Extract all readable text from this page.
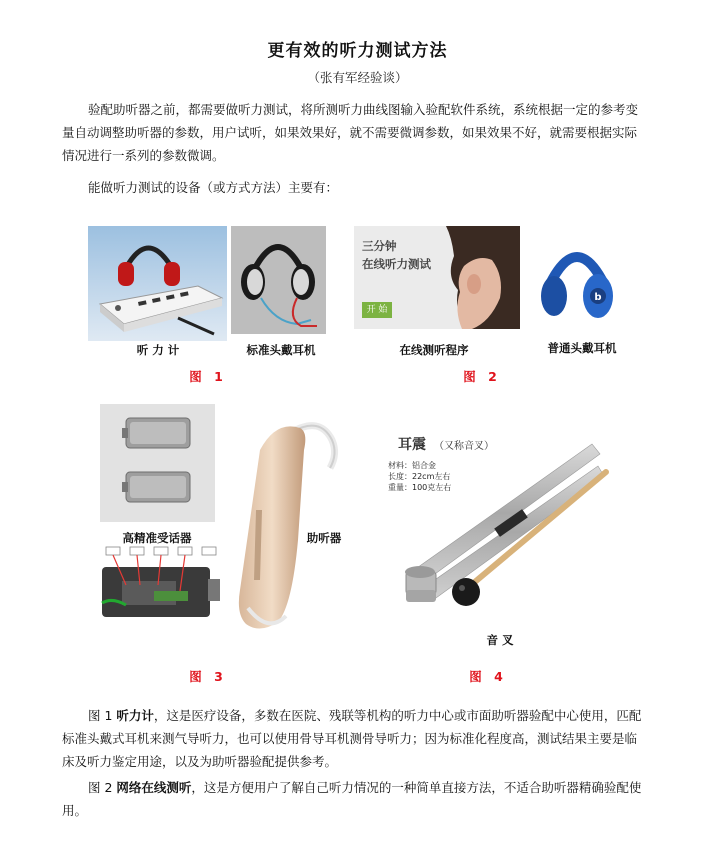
更有效的听力测试方法
（张有军经验谈）
验配助听器之前，都需要做听力测试，将所测听力曲线图输入验配软件系统，系统根据一定的参考变量自动调整助听器的参数，用户试听，如果效果好，就不需要微调参数，如果效果不好，就需要根据实际情况进行一系列的参数微调。
能做听力测试的设备（或方式方法）主要有：
听 力 计	标准头戴耳机
图 1
三分钟
在线听力测试
开 始
b
在线测听程序	普通头戴耳机
图 2
高精准受话器	助听器
图 3
耳震 （又称音叉）
材料：铝合金
长度：22cm左右
重量：100克左右
音 叉
图 4
图 1 听力计，这是医疗设备，多数在医院、残联等机构的听力中心或市面助听器验配中心使用，匹配标准头戴式耳机来测气导听力，也可以使用骨导耳机测骨导听力；因为标准化程度高，测试结果主要是临床及听力鉴定用途，以及为助听器验配提供参考。
图 2 网络在线测听，这是方便用户了解自己听力情况的一种简单直接方法，不适合助听器精确验配使用。
